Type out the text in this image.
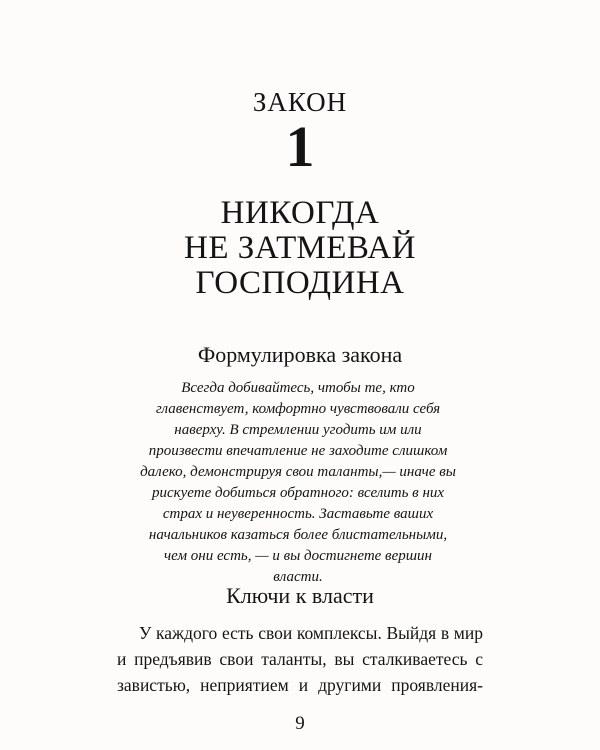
ЗАКОН
1
НИКОГДА
НЕ ЗАТМЕВАЙ
ГОСПОДИНА
Формулировка закона
Всегда добивайтесь, чтобы те, кто
главенствует, комфортно чувствовали себя
наверху. В стремлении угодить им или
произвести впечатление не заходите слишком
далеко, демонстрируя свои таланты,— иначе вы
рискуете добиться обратного: вселить в них
страх и неуверенность. Заставьте ваших
начальников казаться более блистательными,
чем они есть, — и вы достигнете вершин
власти.
Ключи к власти
У каждого есть свои комплексы. Выйдя в мир
и предъявив свои таланты, вы сталкиваетесь с
завистью, неприятием и другими проявления-
9
